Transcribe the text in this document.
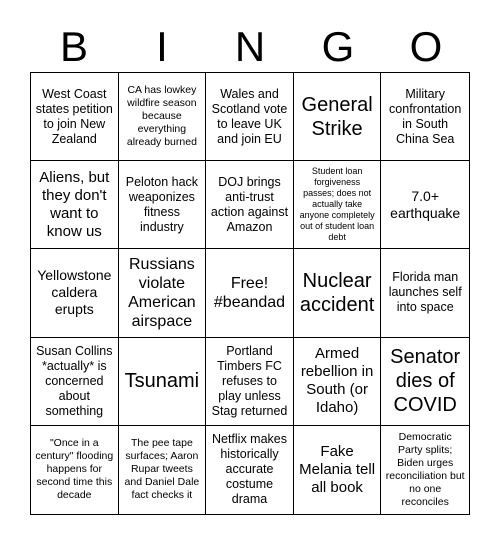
B	I	N	G	O
West Coast states petition to join New Zealand
CA has lowkey wildfire season because everything already burned
Wales and Scotland vote to leave UK and join EU
General Strike
Military confrontation in South China Sea
Aliens, but they don't want to know us
Peloton hack weaponizes fitness industry
DOJ brings anti-trust action against Amazon
Student loan forgiveness passes; does not actually take anyone completely out of student loan debt
7.0+ earthquake
Yellowstone caldera erupts
Russians violate American airspace
Free! #beandad
Nuclear accident
Florida man launches self into space
Susan Collins *actually* is concerned about something
Tsunami
Portland Timbers FC refuses to play unless Stag returned
Armed rebellion in South (or Idaho)
Senator dies of COVID
"Once in a century" flooding happens for second time this decade
The pee tape surfaces; Aaron Rupar tweets and Daniel Dale fact checks it
Netflix makes historically accurate costume drama
Fake Melania tell all book
Democratic Party splits; Biden urges reconciliation but no one reconciles
